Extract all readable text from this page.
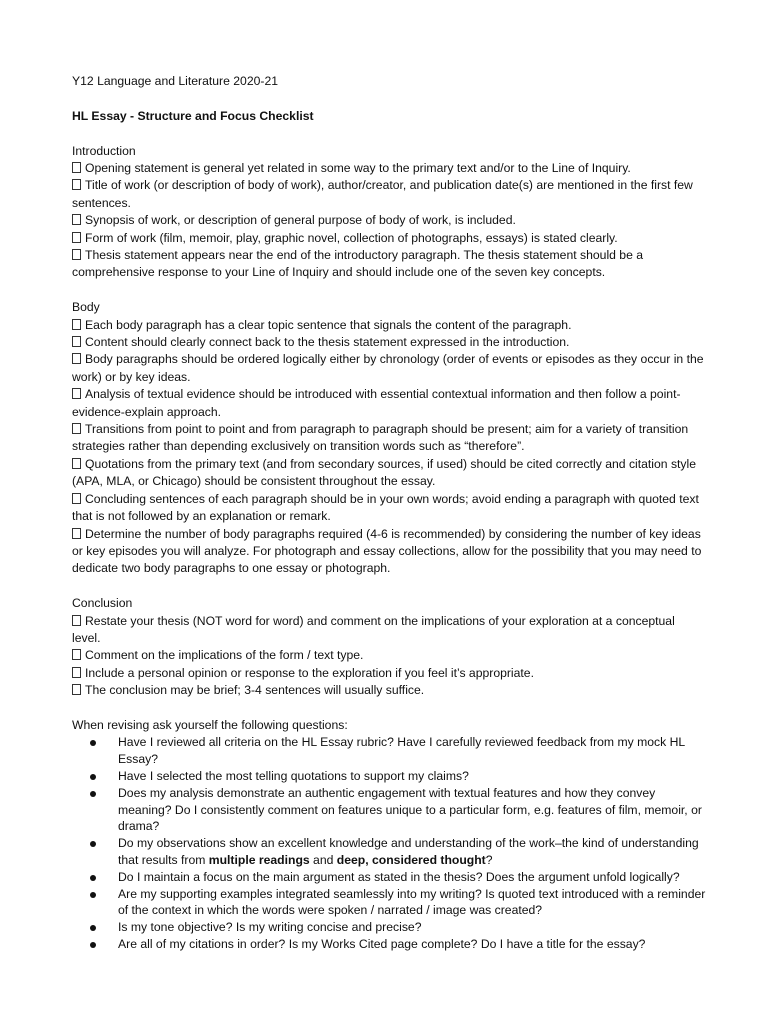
Y12 Language and Literature 2020-21
HL Essay - Structure and Focus Checklist
Introduction
Opening statement is general yet related in some way to the primary text and/or to the Line of Inquiry.
Title of work (or description of body of work), author/creator, and publication date(s) are mentioned in the first few sentences.
Synopsis of work, or description of general purpose of body of work, is included.
Form of work (film, memoir, play, graphic novel, collection of photographs, essays) is stated clearly.
Thesis statement appears near the end of the introductory paragraph. The thesis statement should be a comprehensive response to your Line of Inquiry and should include one of the seven key concepts.
Body
Each body paragraph has a clear topic sentence that signals the content of the paragraph.
Content should clearly connect back to the thesis statement expressed in the introduction.
Body paragraphs should be ordered logically either by chronology (order of events or episodes as they occur in the work) or by key ideas.
Analysis of textual evidence should be introduced with essential contextual information and then follow a point-evidence-explain approach.
Transitions from point to point and from paragraph to paragraph should be present; aim for a variety of transition strategies rather than depending exclusively on transition words such as “therefore”.
Quotations from the primary text (and from secondary sources, if used) should be cited correctly and citation style (APA, MLA, or Chicago) should be consistent throughout the essay.
Concluding sentences of each paragraph should be in your own words; avoid ending a paragraph with quoted text that is not followed by an explanation or remark.
Determine the number of body paragraphs required (4-6 is recommended) by considering the number of key ideas or key episodes you will analyze. For photograph and essay collections, allow for the possibility that you may need to dedicate two body paragraphs to one essay or photograph.
Conclusion
Restate your thesis (NOT word for word) and comment on the implications of your exploration at a conceptual level.
Comment on the implications of the form / text type.
Include a personal opinion or response to the exploration if you feel it’s appropriate.
The conclusion may be brief; 3-4 sentences will usually suffice.
When revising ask yourself the following questions:
Have I reviewed all criteria on the HL Essay rubric? Have I carefully reviewed feedback from my mock HL Essay?
Have I selected the most telling quotations to support my claims?
Does my analysis demonstrate an authentic engagement with textual features and how they convey meaning? Do I consistently comment on features unique to a particular form, e.g. features of film, memoir, or drama?
Do my observations show an excellent knowledge and understanding of the work–the kind of understanding that results from multiple readings and deep, considered thought?
Do I maintain a focus on the main argument as stated in the thesis? Does the argument unfold logically?
Are my supporting examples integrated seamlessly into my writing? Is quoted text introduced with a reminder of the context in which the words were spoken / narrated / image was created?
Is my tone objective? Is my writing concise and precise?
Are all of my citations in order? Is my Works Cited page complete? Do I have a title for the essay?
